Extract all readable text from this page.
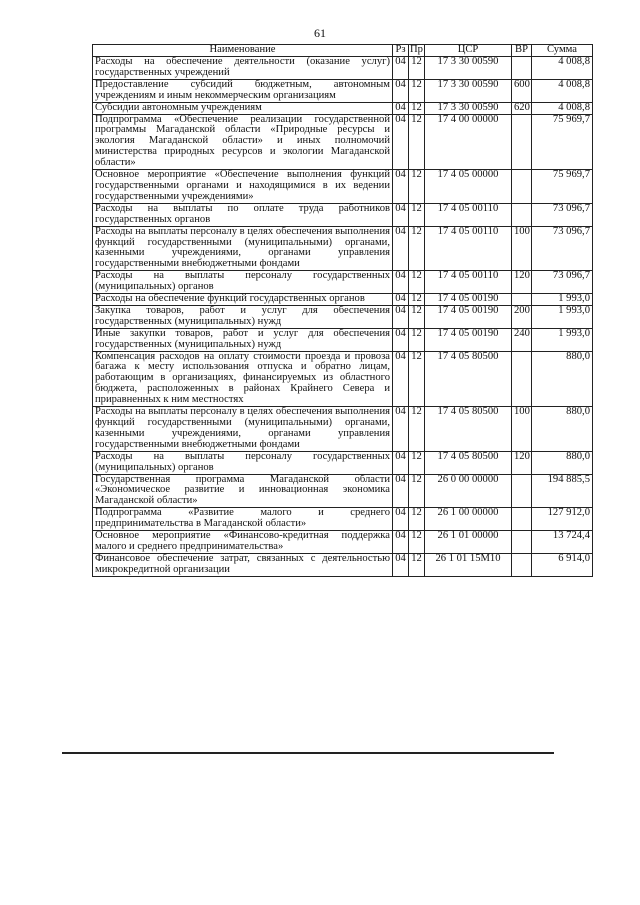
61
Наименование	Рз	Пр	ЦСР	ВР	Сумма
Расходы на обеспечение деятельности (оказание услуг) государственных учреждений	04	12	17 3 30 00590		4 008,8
Предоставление субсидий бюджетным, автономным учреждениям и иным некоммерческим организациям	04	12	17 3 30 00590	600	4 008,8
Субсидии автономным учреждениям	04	12	17 3 30 00590	620	4 008,8
Подпрограмма «Обеспечение реализации государственной программы Магаданской области «Природные ресурсы и экология Магаданской области» и иных полномочий министерства природных ресурсов и экологии Магаданской области»	04	12	17 4 00 00000		75 969,7
Основное мероприятие «Обеспечение выполнения функций государственными органами и находящимися в их ведении государственными учреждениями»	04	12	17 4 05 00000		75 969,7
Расходы на выплаты по оплате труда работников государственных органов	04	12	17 4 05 00110		73 096,7
Расходы на выплаты персоналу в целях обеспечения выполнения функций государственными (муниципальными) органами, казенными учреждениями, органами управления государственными внебюджетными фондами	04	12	17 4 05 00110	100	73 096,7
Расходы на выплаты персоналу государственных (муниципальных) органов	04	12	17 4 05 00110	120	73 096,7
Расходы на обеспечение функций государственных органов	04	12	17 4 05 00190		1 993,0
Закупка товаров, работ и услуг для обеспечения государственных (муниципальных) нужд	04	12	17 4 05 00190	200	1 993,0
Иные закупки товаров, работ и услуг для обеспечения государственных (муниципальных) нужд	04	12	17 4 05 00190	240	1 993,0
Компенсация расходов на оплату стоимости проезда и провоза багажа к месту использования отпуска и обратно лицам, работающим в организациях, финансируемых из областного бюджета, расположенных в районах Крайнего Севера и приравненных к ним местностях	04	12	17 4 05 80500		880,0
Расходы на выплаты персоналу в целях обеспечения выполнения функций государственными (муниципальными) органами, казенными учреждениями, органами управления государственными внебюджетными фондами	04	12	17 4 05 80500	100	880,0
Расходы на выплаты персоналу государственных (муниципальных) органов	04	12	17 4 05 80500	120	880,0
Государственная программа Магаданской области «Экономическое развитие и инновационная экономика Магаданской области»	04	12	26 0 00 00000		194 885,5
Подпрограмма «Развитие малого и среднего предпринимательства в Магаданской области»	04	12	26 1 00 00000		127 912,0
Основное мероприятие «Финансово-кредитная поддержка малого и среднего предпринимательства»	04	12	26 1 01 00000		13 724,4
Финансовое обеспечение затрат, связанных с деятельностью микрокредитной организации	04	12	26 1 01 15М10		6 914,0
